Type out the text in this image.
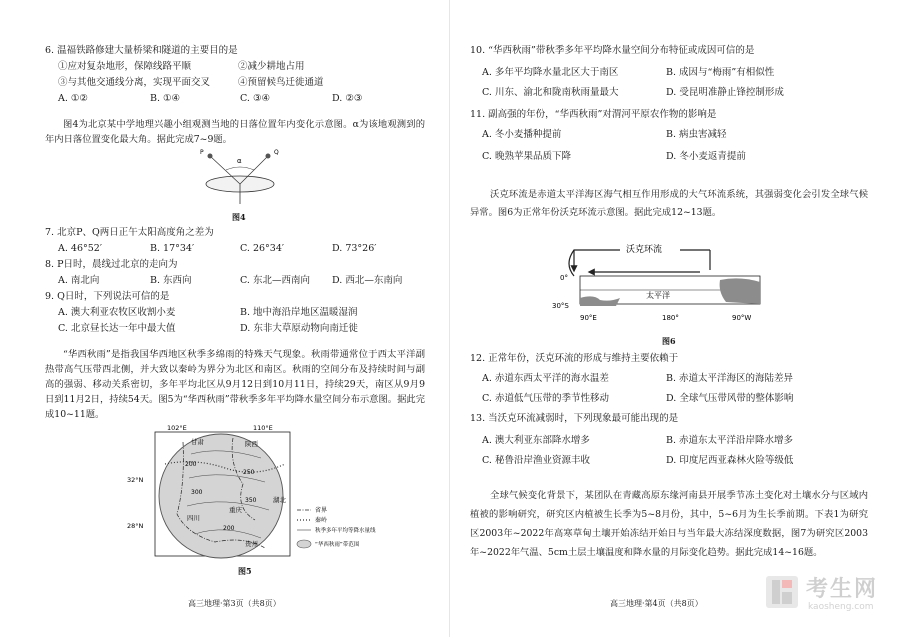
6. 温福铁路修建大量桥梁和隧道的主要目的是
①应对复杂地形，保障线路平顺	②减少耕地占用
③与其他交通线分离，实现平面交叉	④预留候鸟迁徙通道
A. ①②	B. ①④	C. ③④	D. ②③
图4为北京某中学地理兴趣小组观测当地的日落位置年内变化示意图。α为该地观测到的年内日落位置变化最大角。据此完成7~9题。
P	Q
α
图4
7. 北京P、Q两日正午太阳高度角之差为
A. 46°52′	B. 17°34′	C. 26°34′	D. 73°26′
8. P日时，晨线过北京的走向为
A. 南北向	B. 东西向	C. 东北—西南向 D. 西北—东南向
9. Q日时，下列说法可信的是
A. 澳大利亚农牧区收割小麦	B. 地中海沿岸地区温暖湿润
C. 北京昼长达一年中最大值	D. 东非大草原动物向南迁徙
“华西秋雨”是指我国华西地区秋季多绵雨的特殊天气现象。秋雨带通常位于西太平洋副热带高气压带西北侧，并大致以秦岭为界分为北区和南区。秋雨的空间分布及持续时间与副高的强弱、移动关系密切，多年平均北区从9月12日到10月11日，持续29天，南区从9月9日到11月2日，持续54天。图5为“华西秋雨”带秋季多年平均降水量空间分布示意图。据此完成10~11题。
102°E	110°E
32°N
28°N
甘肃	陕西
四川
重庆
湖北
贵州
200
250
300
350
200
省界
秦岭
秋季多年平均等降水量线
“华西秋雨”带范围
图5
高三地理·第3页（共8页）
10. “华西秋雨”带秋季多年平均降水量空间分布特征或成因可信的是
A. 多年平均降水量北区大于南区	B. 成因与“梅雨”有相似性
C. 川东、渝北和陇南秋雨量最大	D. 受昆明准静止锋控制形成
11. 副高强的年份，“华西秋雨”对渭河平原农作物的影响是
A. 冬小麦播种提前	B. 病虫害减轻
C. 晚熟苹果品质下降	D. 冬小麦返青提前
沃克环流是赤道太平洋海区海气相互作用形成的大气环流系统，其强弱变化会引发全球气候异常。图6为正常年份沃克环流示意图。据此完成12~13题。
沃克环流
太平洋
0°
30°S
90°E	180°	90°W
图6
12. 正常年份，沃克环流的形成与维持主要依赖于
A. 赤道东西太平洋的海水温差	B. 赤道太平洋海区的海陆差异
C. 赤道低气压带的季节性移动	D. 全球气压带风带的整体影响
13. 当沃克环流减弱时，下列现象最可能出现的是
A. 澳大利亚东部降水增多	B. 赤道东太平洋沿岸降水增多
C. 秘鲁沿岸渔业资源丰收	D. 印度尼西亚森林火险等级低
全球气候变化背景下，某团队在青藏高原东缘河南县开展季节冻土变化对土壤水分与区域内植被的影响研究，研究区内植被生长季为5~8月份，其中，5~6月为生长季前期。下表1为研究区2003年~2022年高寒草甸土壤开始冻结开始日与当年最大冻结深度数据，图7为研究区2003年~2022年气温、5cm土层土壤温度和降水量的月际变化趋势。据此完成14~16题。
高三地理·第4页（共8页）
考生网
kaosheng.com
